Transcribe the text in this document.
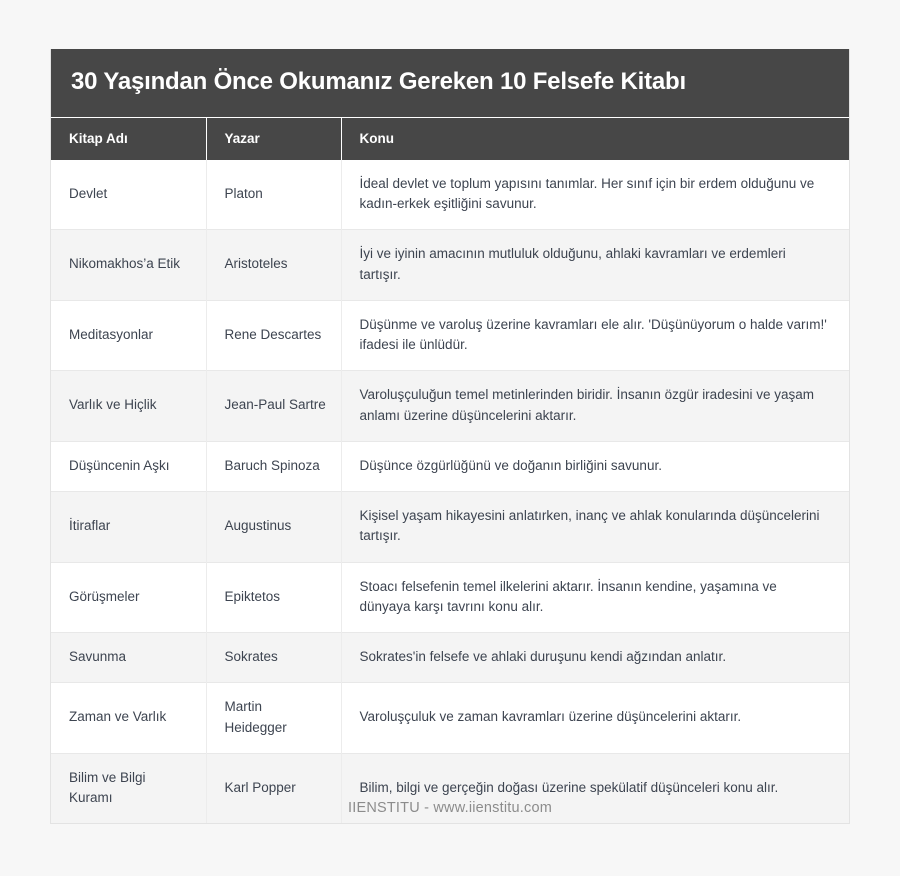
30 Yaşından Önce Okumanız Gereken 10 Felsefe Kitabı
Kitap Adı	Yazar	Konu
Devlet	Platon	İdeal devlet ve toplum yapısını tanımlar. Her sınıf için bir erdem olduğunu ve kadın-erkek eşitliğini savunur.
Nikomakhos’a Etik	Aristoteles	İyi ve iyinin amacının mutluluk olduğunu, ahlaki kavramları ve erdemleri tartışır.
Meditasyonlar	Rene Descartes	Düşünme ve varoluş üzerine kavramları ele alır. 'Düşünüyorum o halde varım!' ifadesi ile ünlüdür.
Varlık ve Hiçlik	Jean-Paul Sartre	Varoluşçuluğun temel metinlerinden biridir. İnsanın özgür iradesini ve yaşam anlamı üzerine düşüncelerini aktarır.
Düşüncenin Aşkı	Baruch Spinoza	Düşünce özgürlüğünü ve doğanın birliğini savunur.
İtiraflar	Augustinus	Kişisel yaşam hikayesini anlatırken, inanç ve ahlak konularında düşüncelerini tartışır.
Görüşmeler	Epiktetos	Stoacı felsefenin temel ilkelerini aktarır. İnsanın kendine, yaşamına ve dünyaya karşı tavrını konu alır.
Savunma	Sokrates	Sokrates'in felsefe ve ahlaki duruşunu kendi ağzından anlatır.
Zaman ve Varlık	Martin Heidegger	Varoluşçuluk ve zaman kavramları üzerine düşüncelerini aktarır.
Bilim ve Bilgi Kuramı	Karl Popper	Bilim, bilgi ve gerçeğin doğası üzerine spekülatif düşünceleri konu alır.
IIENSTITU - www.iienstitu.com
